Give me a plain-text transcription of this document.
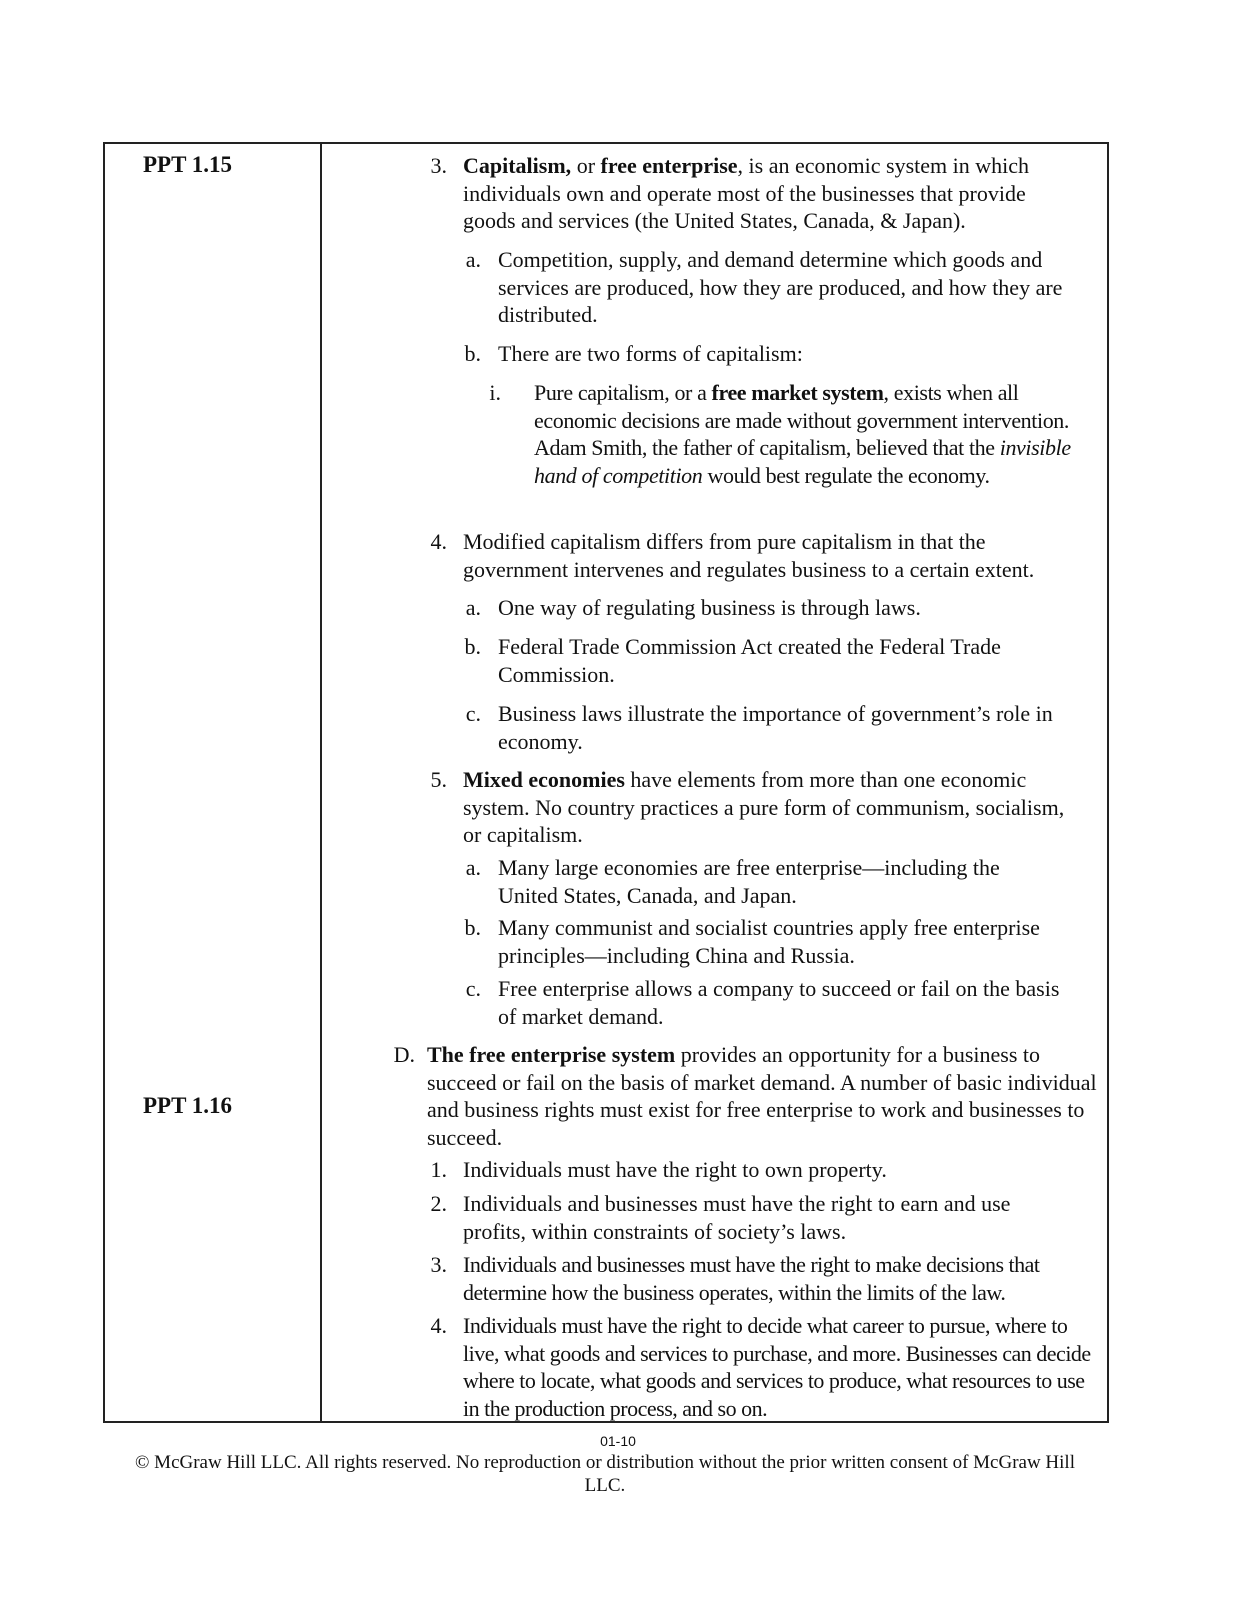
PPT 1.15
PPT 1.16
3. Capitalism, or free enterprise, is an economic system in which individuals own and operate most of the businesses that provide goods and services (the United States, Canada, & Japan).
a. Competition, supply, and demand determine which goods and services are produced, how they are produced, and how they are distributed.
b. There are two forms of capitalism:
i. Pure capitalism, or a free market system, exists when all economic decisions are made without government intervention. Adam Smith, the father of capitalism, believed that the invisible hand of competition would best regulate the economy.
4. Modified capitalism differs from pure capitalism in that the government intervenes and regulates business to a certain extent.
a. One way of regulating business is through laws.
b. Federal Trade Commission Act created the Federal Trade Commission.
c. Business laws illustrate the importance of government’s role in economy.
5. Mixed economies have elements from more than one economic system. No country practices a pure form of communism, socialism, or capitalism.
a. Many large economies are free enterprise—including the United States, Canada, and Japan.
b. Many communist and socialist countries apply free enterprise principles—including China and Russia.
c. Free enterprise allows a company to succeed or fail on the basis of market demand.
D. The free enterprise system provides an opportunity for a business to succeed or fail on the basis of market demand. A number of basic individual and business rights must exist for free enterprise to work and businesses to succeed.
1. Individuals must have the right to own property.
2. Individuals and businesses must have the right to earn and use profits, within constraints of society’s laws.
3. Individuals and businesses must have the right to make decisions that determine how the business operates, within the limits of the law.
4. Individuals must have the right to decide what career to pursue, where to live, what goods and services to purchase, and more. Businesses can decide where to locate, what goods and services to produce, what resources to use in the production process, and so on.
01-10
© McGraw Hill LLC. All rights reserved. No reproduction or distribution without the prior written consent of McGraw Hill LLC.
